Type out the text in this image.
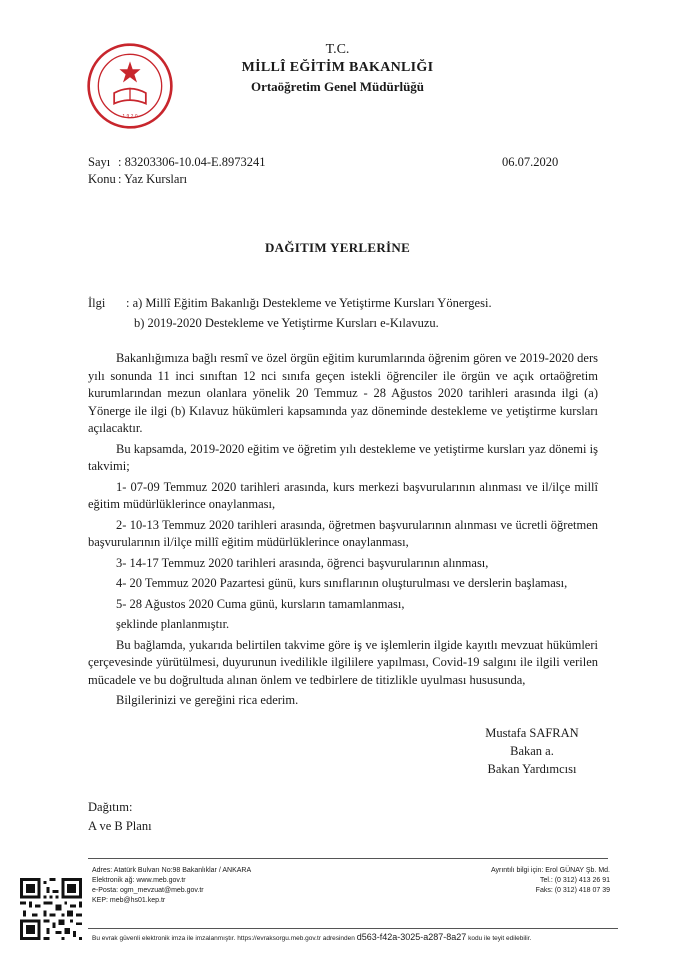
1 9 2 0
T.C.
MİLLÎ EĞİTİM BAKANLIĞI
Ortaöğretim Genel Müdürlüğü
Sayı : 83203306-10.04-E.8973241
Konu : Yaz Kursları
06.07.2020
DAĞITIM YERLERİNE
İlgi : a) Millî Eğitim Bakanlığı Destekleme ve Yetiştirme Kursları Yönergesi.
b) 2019-2020 Destekleme ve Yetiştirme Kursları e-Kılavuzu.

Bakanlığımıza bağlı resmî ve özel örgün eğitim kurumlarında öğrenim gören ve 2019-2020 ders yılı sonunda 11 inci sınıftan 12 nci sınıfa geçen istekli öğrenciler ile örgün ve açık ortaöğretim kurumlarından mezun olanlara yönelik 20 Temmuz - 28 Ağustos 2020 tarihleri arasında ilgi (a) Yönerge ile ilgi (b) Kılavuz hükümleri kapsamında yaz döneminde destekleme ve yetiştirme kursları açılacaktır.

Bu kapsamda, 2019-2020 eğitim ve öğretim yılı destekleme ve yetiştirme kursları yaz dönemi iş takvimi;

1- 07-09 Temmuz 2020 tarihleri arasında, kurs merkezi başvurularının alınması ve il/ilçe millî eğitim müdürlüklerince onaylanması,

2- 10-13 Temmuz 2020 tarihleri arasında, öğretmen başvurularının alınması ve ücretli öğretmen başvurularının il/ilçe millî eğitim müdürlüklerince onaylanması,

3- 14-17 Temmuz 2020 tarihleri arasında, öğrenci başvurularının alınması,

4- 20 Temmuz 2020 Pazartesi günü, kurs sınıflarının oluşturulması ve derslerin başlaması,

5- 28 Ağustos 2020 Cuma günü, kursların tamamlanması,

şeklinde planlanmıştır.

Bu bağlamda, yukarıda belirtilen takvime göre iş ve işlemlerin ilgide kayıtlı mevzuat hükümleri çerçevesinde yürütülmesi, duyurunun ivedilikle ilgililere yapılması, Covid-19 salgını ile ilgili verilen mücadele ve bu doğrultuda alınan önlem ve tedbirlere de titizlikle uyulması hususunda,

Bilgilerinizi ve gereğini rica ederim.

Mustafa SAFRAN
Bakan a.
Bakan Yardımcısı
Dağıtım:
A ve B Planı
Adres: Atatürk Bulvarı No:98 Bakanlıklar / ANKARA
Elektronik ağ: www.meb.gov.tr
e-Posta: ogm_mevzuat@meb.gov.tr
KEP: meb@hs01.kep.tr
Ayrıntılı bilgi için: Erol GÜNAY Şb. Md.
Tel.: (0 312) 413 26 91
Faks: (0 312) 418 07 39
Bu evrak güvenli elektronik imza ile imzalanmıştır. https://evraksorgu.meb.gov.tr adresinden d563-f42a-3025-a287-8a27 kodu ile teyit edilebilir.
